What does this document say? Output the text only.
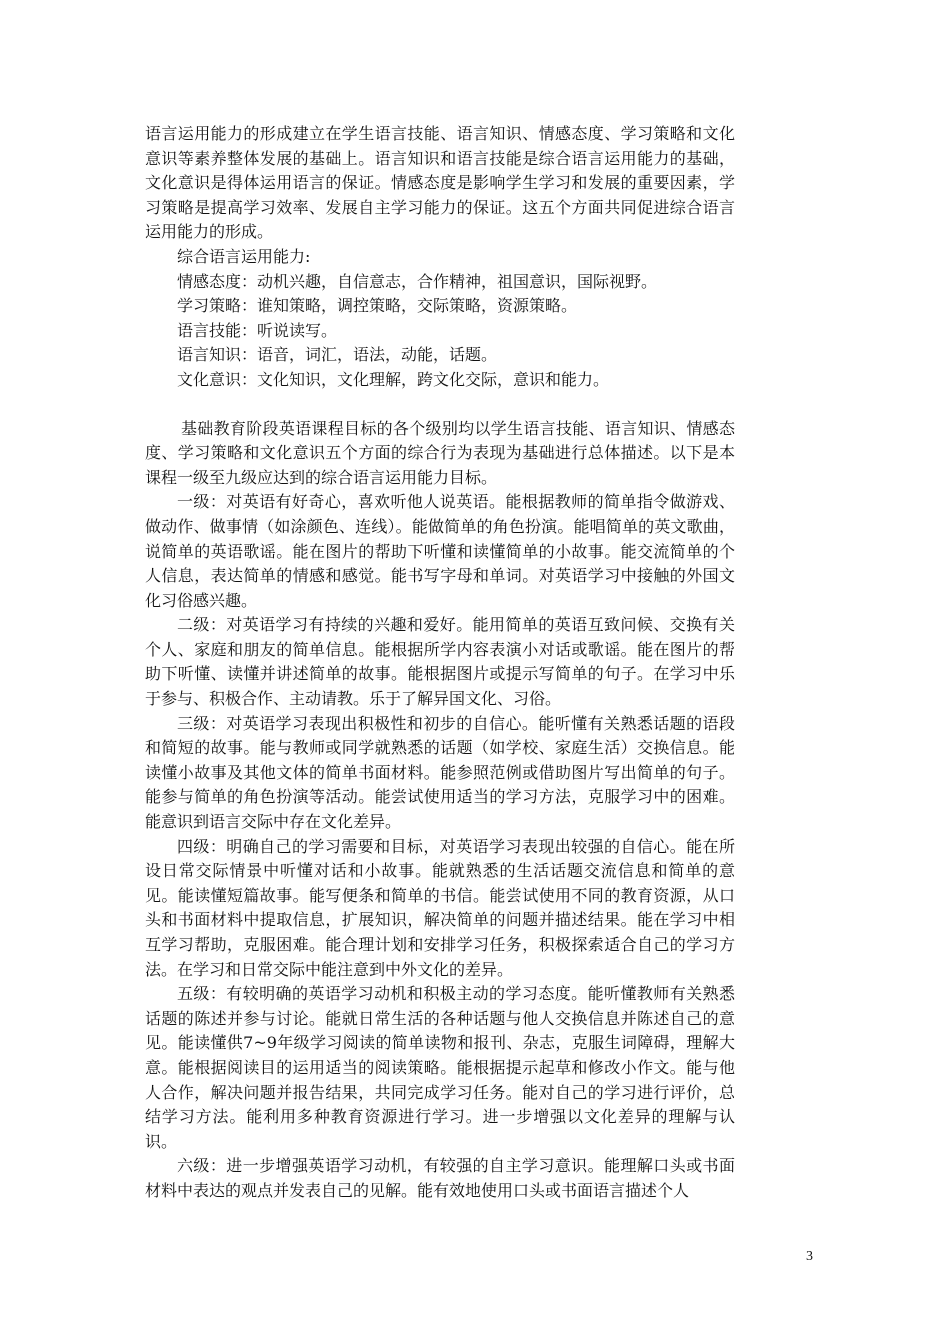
语言运用能力的形成建立在学生语言技能、语言知识、情感态度、学习策略和文化意识等素养整体发展的基础上。语言知识和语言技能是综合语言运用能力的基础，文化意识是得体运用语言的保证。情感态度是影响学生学习和发展的重要因素，学习策略是提高学习效率、发展自主学习能力的保证。这五个方面共同促进综合语言运用能力的形成。

综合语言运用能力:

情感态度：动机兴趣，自信意志，合作精神，祖国意识，国际视野。

学习策略：谁知策略，调控策略，交际策略，资源策略。

语言技能：听说读写。

语言知识：语音，词汇，语法，动能，话题。

文化意识：文化知识，文化理解，跨文化交际，意识和能力。

基础教育阶段英语课程目标的各个级别均以学生语言技能、语言知识、情感态度、学习策略和文化意识五个方面的综合行为表现为基础进行总体描述。以下是本课程一级至九级应达到的综合语言运用能力目标。

一级：对英语有好奇心，喜欢听他人说英语。能根据教师的简单指令做游戏、做动作、做事情（如涂颜色、连线）。能做简单的角色扮演。能唱简单的英文歌曲，说简单的英语歌谣。能在图片的帮助下听懂和读懂简单的小故事。能交流简单的个人信息，表达简单的情感和感觉。能书写字母和单词。对英语学习中接触的外国文化习俗感兴趣。

二级：对英语学习有持续的兴趣和爱好。能用简单的英语互致问候、交换有关个人、家庭和朋友的简单信息。能根据所学内容表演小对话或歌谣。能在图片的帮助下听懂、读懂并讲述简单的故事。能根据图片或提示写简单的句子。在学习中乐于参与、积极合作、主动请教。乐于了解异国文化、习俗。

三级：对英语学习表现出积极性和初步的自信心。能听懂有关熟悉话题的语段和简短的故事。能与教师或同学就熟悉的话题（如学校、家庭生活）交换信息。能读懂小故事及其他文体的简单书面材料。能参照范例或借助图片写出简单的句子。能参与简单的角色扮演等活动。能尝试使用适当的学习方法，克服学习中的困难。能意识到语言交际中存在文化差异。

四级：明确自己的学习需要和目标，对英语学习表现出较强的自信心。能在所设日常交际情景中听懂对话和小故事。能就熟悉的生活话题交流信息和简单的意见。能读懂短篇故事。能写便条和简单的书信。能尝试使用不同的教育资源，从口头和书面材料中提取信息，扩展知识，解决简单的问题并描述结果。能在学习中相互学习帮助，克服困难。能合理计划和安排学习任务，积极探索适合自己的学习方法。在学习和日常交际中能注意到中外文化的差异。

五级：有较明确的英语学习动机和积极主动的学习态度。能听懂教师有关熟悉话题的陈述并参与讨论。能就日常生活的各种话题与他人交换信息并陈述自己的意见。能读懂供7~9年级学习阅读的简单读物和报刊、杂志，克服生词障碍，理解大意。能根据阅读目的运用适当的阅读策略。能根据提示起草和修改小作文。能与他人合作，解决问题并报告结果，共同完成学习任务。能对自己的学习进行评价，总结学习方法。能利用多种教育资源进行学习。进一步增强以文化差异的理解与认识。

六级：进一步增强英语学习动机，有较强的自主学习意识。能理解口头或书面材料中表达的观点并发表自己的见解。能有效地使用口头或书面语言描述个人

3
